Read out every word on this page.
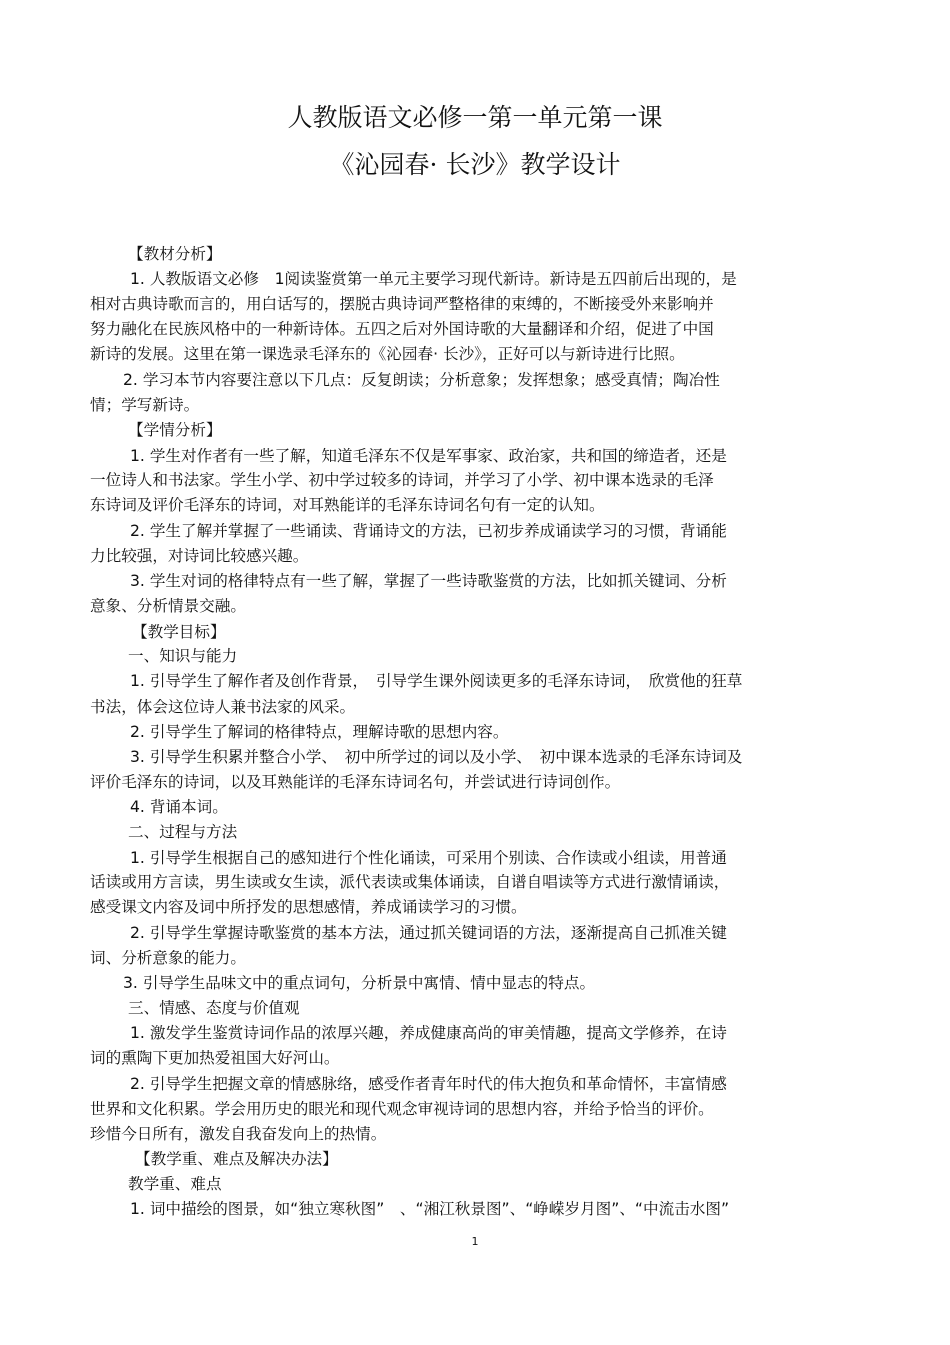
人教版语文必修一第一单元第一课
《沁园春· 长沙》教学设计

【教材分析】

1. 人教版语文必修　1阅读鉴赏第一单元主要学习现代新诗。新诗是五四前后出现的，是

相对古典诗歌而言的，用白话写的，摆脱古典诗词严整格律的束缚的，不断接受外来影响并

努力融化在民族风格中的一种新诗体。五四之后对外国诗歌的大量翻译和介绍，促进了中国

新诗的发展。这里在第一课选录毛泽东的《沁园春· 长沙》，正好可以与新诗进行比照。

2. 学习本节内容要注意以下几点：反复朗读；分析意象；发挥想象；感受真情；陶冶性

情；学写新诗。

【学情分析】

1. 学生对作者有一些了解，知道毛泽东不仅是军事家、政治家，共和国的缔造者，还是

一位诗人和书法家。学生小学、初中学过较多的诗词，并学习了小学、初中课本选录的毛泽

东诗词及评价毛泽东的诗词，对耳熟能详的毛泽东诗词名句有一定的认知。

2. 学生了解并掌握了一些诵读、背诵诗文的方法，已初步养成诵读学习的习惯，背诵能

力比较强，对诗词比较感兴趣。

3. 学生对词的格律特点有一些了解，掌握了一些诗歌鉴赏的方法，比如抓关键词、分析

意象、分析情景交融。

【教学目标】

一、知识与能力

1. 引导学生了解作者及创作背景，　引导学生课外阅读更多的毛泽东诗词，　欣赏他的狂草

书法，体会这位诗人兼书法家的风采。

2. 引导学生了解词的格律特点，理解诗歌的思想内容。

3. 引导学生积累并整合小学、　初中所学过的词以及小学、　初中课本选录的毛泽东诗词及

评价毛泽东的诗词，以及耳熟能详的毛泽东诗词名句，并尝试进行诗词创作。

4. 背诵本词。

二、过程与方法

1. 引导学生根据自己的感知进行个性化诵读，可采用个别读、合作读或小组读，用普通

话读或用方言读，男生读或女生读，派代表读或集体诵读，自谱自唱读等方式进行激情诵读，

感受课文内容及词中所抒发的思想感情，养成诵读学习的习惯。

2. 引导学生掌握诗歌鉴赏的基本方法，通过抓关键词语的方法，逐渐提高自己抓准关键

词、分析意象的能力。

3. 引导学生品味文中的重点词句，分析景中寓情、情中显志的特点。

三、情感、态度与价值观

1. 激发学生鉴赏诗词作品的浓厚兴趣，养成健康高尚的审美情趣，提高文学修养，在诗

词的熏陶下更加热爱祖国大好河山。

2. 引导学生把握文章的情感脉络，感受作者青年时代的伟大抱负和革命情怀，丰富情感

世界和文化积累。学会用历史的眼光和现代观念审视诗词的思想内容，并给予恰当的评价。

珍惜今日所有，激发自我奋发向上的热情。

【教学重、难点及解决办法】

教学重、难点

1. 词中描绘的图景，如“独立寒秋图”　、“湘江秋景图”、“峥嵘岁月图”、“中流击水图”

1
